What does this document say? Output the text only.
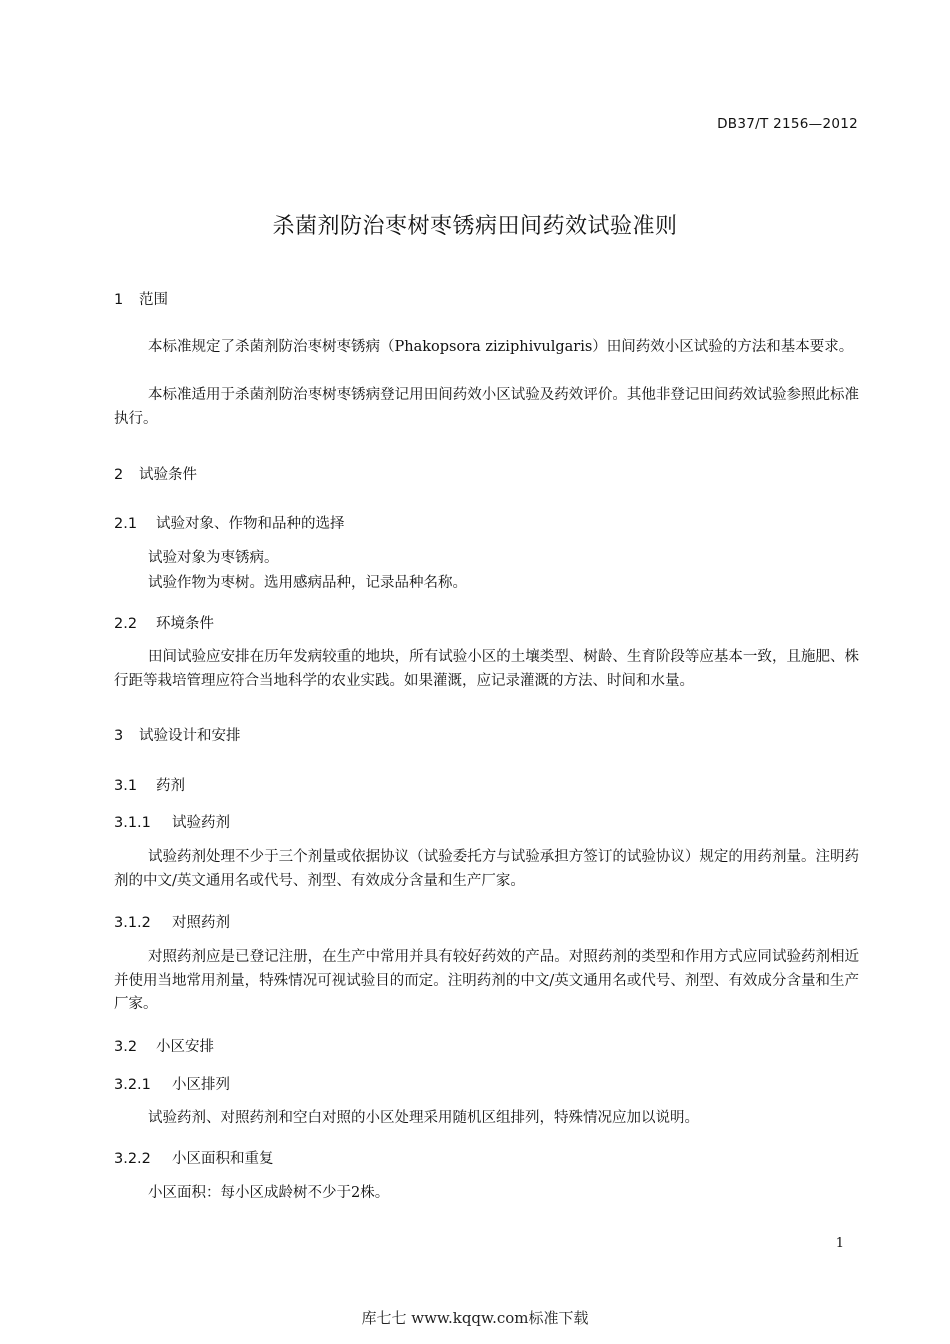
DB37/T 2156—2012
杀菌剂防治枣树枣锈病田间药效试验准则
1 范围
本标准规定了杀菌剂防治枣树枣锈病（Phakopsora ziziphivulgaris）田间药效小区试验的方法和基本要求。
本标准适用于杀菌剂防治枣树枣锈病登记用田间药效小区试验及药效评价。其他非登记田间药效试验参照此标准执行。
2 试验条件
2.1 试验对象、作物和品种的选择
试验对象为枣锈病。
试验作物为枣树。选用感病品种，记录品种名称。
2.2 环境条件
田间试验应安排在历年发病较重的地块，所有试验小区的土壤类型、树龄、生育阶段等应基本一致，且施肥、株行距等栽培管理应符合当地科学的农业实践。如果灌溉，应记录灌溉的方法、时间和水量。
3 试验设计和安排
3.1 药剂
3.1.1 试验药剂
试验药剂处理不少于三个剂量或依据协议（试验委托方与试验承担方签订的试验协议）规定的用药剂量。注明药剂的中文/英文通用名或代号、剂型、有效成分含量和生产厂家。
3.1.2 对照药剂
对照药剂应是已登记注册，在生产中常用并具有较好药效的产品。对照药剂的类型和作用方式应同试验药剂相近并使用当地常用剂量，特殊情况可视试验目的而定。注明药剂的中文/英文通用名或代号、剂型、有效成分含量和生产厂家。
3.2 小区安排
3.2.1 小区排列
试验药剂、对照药剂和空白对照的小区处理采用随机区组排列，特殊情况应加以说明。
3.2.2 小区面积和重复
小区面积：每小区成龄树不少于2株。
1
库七七 www.kqqw.com标准下载
